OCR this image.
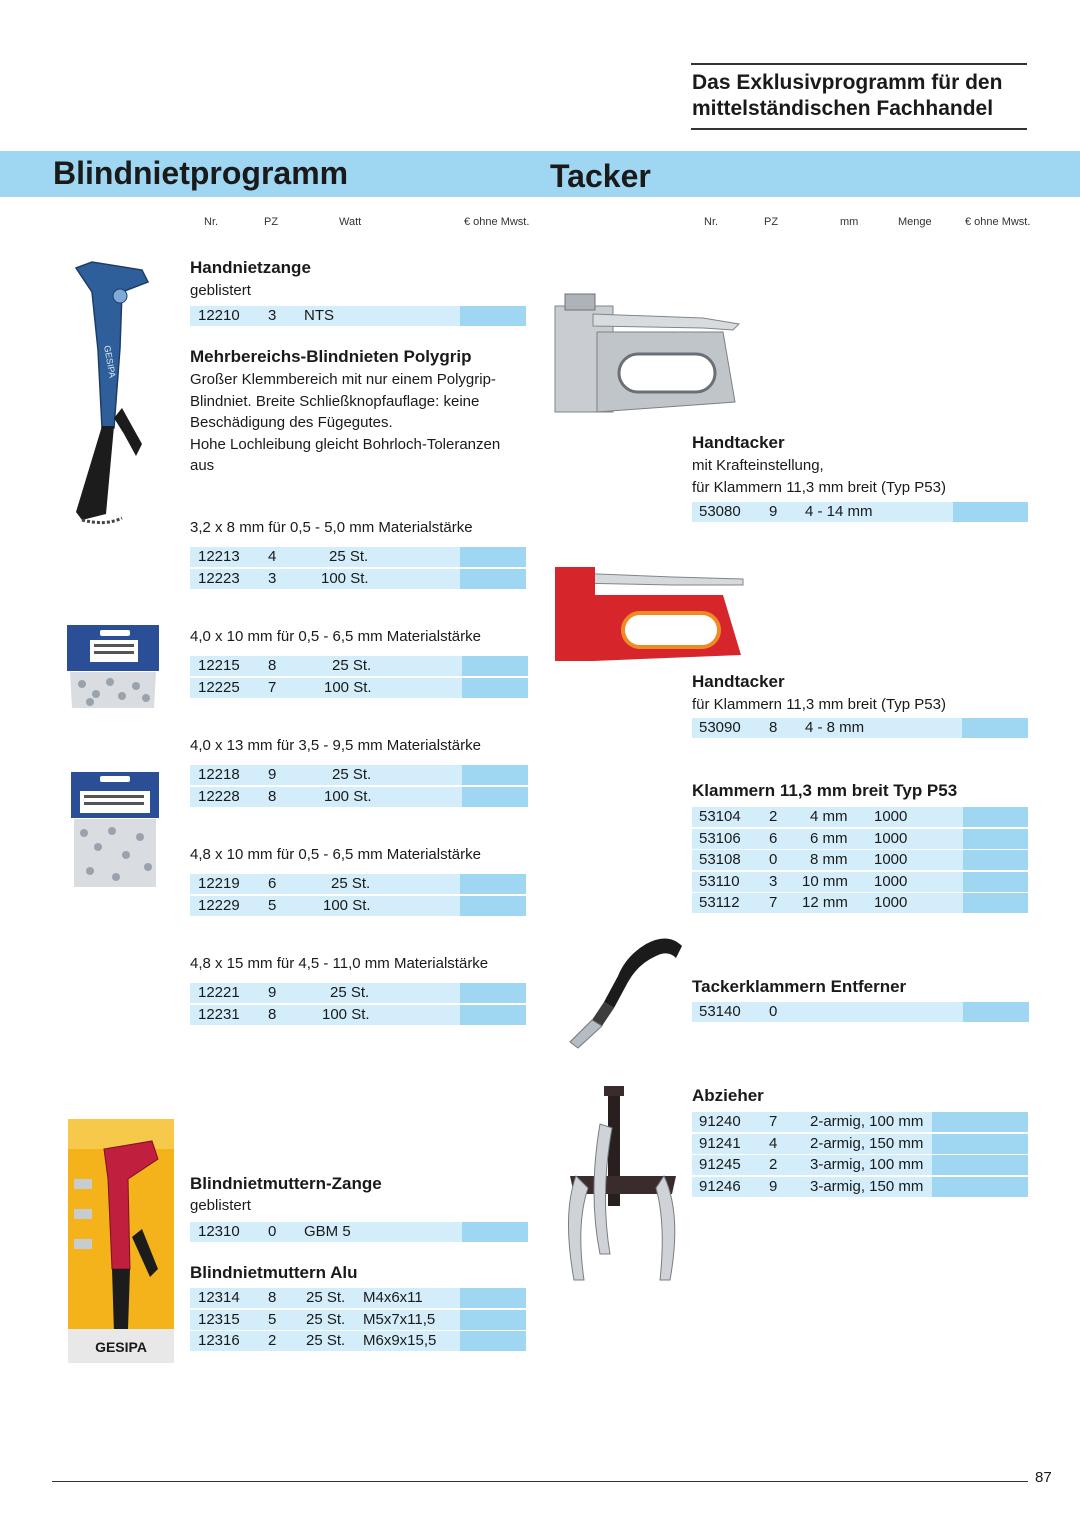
Das Exklusivprogramm für den
mittelständischen Fachhandel
Blindnietprogramm	Tacker
Nr.	PZ	Watt	€ ohne Mwst.	Nr.	PZ	mm	Menge	€ ohne Mwst.
Handnietzange
geblistert
12210 3 NTS
Mehrbereichs-Blindnieten Polygrip
Großer Klemmbereich mit nur einem Polygrip-
Blindniet. Breite Schließknopfauflage: keine
Beschädigung des Fügegutes.
Hohe Lochleibung gleicht Bohrloch-Toleranzen
aus
3,2 x 8 mm für 0,5 - 5,0 mm Materialstärke
12213 4	25 St.
12223 3	100 St.
4,0 x 10 mm für 0,5 - 6,5 mm Materialstärke
12215 8	25 St.
12225 7	100 St.
4,0 x 13 mm für 3,5 - 9,5 mm Materialstärke
12218 9	25 St.
12228 8	100 St.
4,8 x 10 mm für 0,5 - 6,5 mm Materialstärke
12219 6	25 St.
12229 5	100 St.
4,8 x 15 mm für 4,5 - 11,0 mm Materialstärke
12221 9	25 St.
12231 8	100 St.
Blindnietmuttern-Zange
geblistert
12310 0 GBM 5
Blindnietmuttern Alu
12314 8 25 St. M4x6x11
12315 5 25 St. M5x7x11,5
12316 2 25 St. M6x9x15,5
Handtacker
mit Krafteinstellung,
für Klammern 11,3 mm breit (Typ P53)
53080 9 4 - 14 mm
Handtacker
für Klammern 11,3 mm breit (Typ P53)
53090 8 4 - 8 mm
Klammern 11,3 mm breit Typ P53
53104 2 4 mm 1000
53106 6 6 mm 1000
53108 0 8 mm 1000
53110 3 10 mm 1000
53112 7 12 mm 1000
Tackerklammern Entferner
53140 0
Abzieher
91240 7 2-armig, 100 mm
91241 4 2-armig, 150 mm
91245 2 3-armig, 100 mm
91246 9 3-armig, 150 mm
GESIPA
GESIPA
87
